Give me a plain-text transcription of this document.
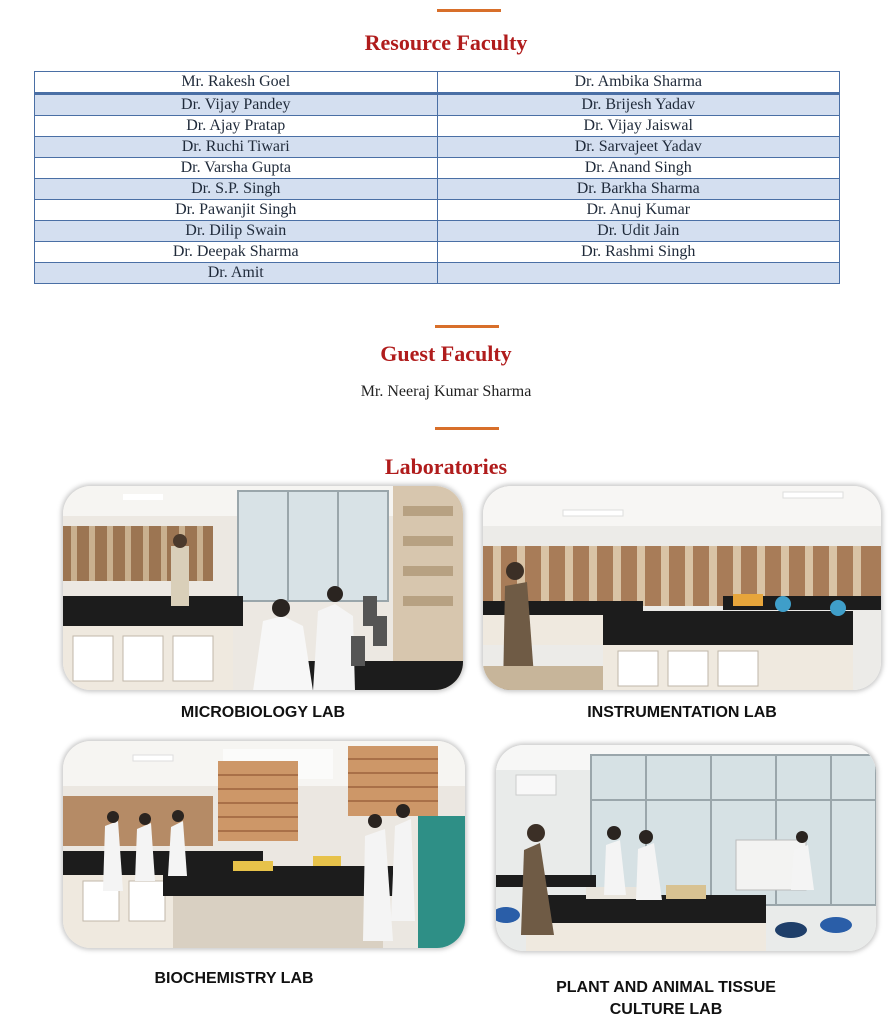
Resource Faculty
Mr. Rakesh Goel	Dr. Ambika Sharma
Dr. Vijay Pandey	Dr. Brijesh Yadav
Dr. Ajay Pratap	Dr. Vijay Jaiswal
Dr. Ruchi Tiwari	Dr. Sarvajeet Yadav
Dr. Varsha Gupta	Dr. Anand Singh
Dr. S.P. Singh	Dr. Barkha Sharma
Dr. Pawanjit Singh	Dr. Anuj Kumar
Dr. Dilip Swain	Dr. Udit Jain
Dr. Deepak Sharma	Dr. Rashmi Singh
Dr. Amit	
Guest Faculty
Mr. Neeraj Kumar Sharma
Laboratories
MICROBIOLOGY LAB	INSTRUMENTATION LAB
BIOCHEMISTRY LAB
PLANT AND ANIMAL TISSUE
CULTURE LAB
